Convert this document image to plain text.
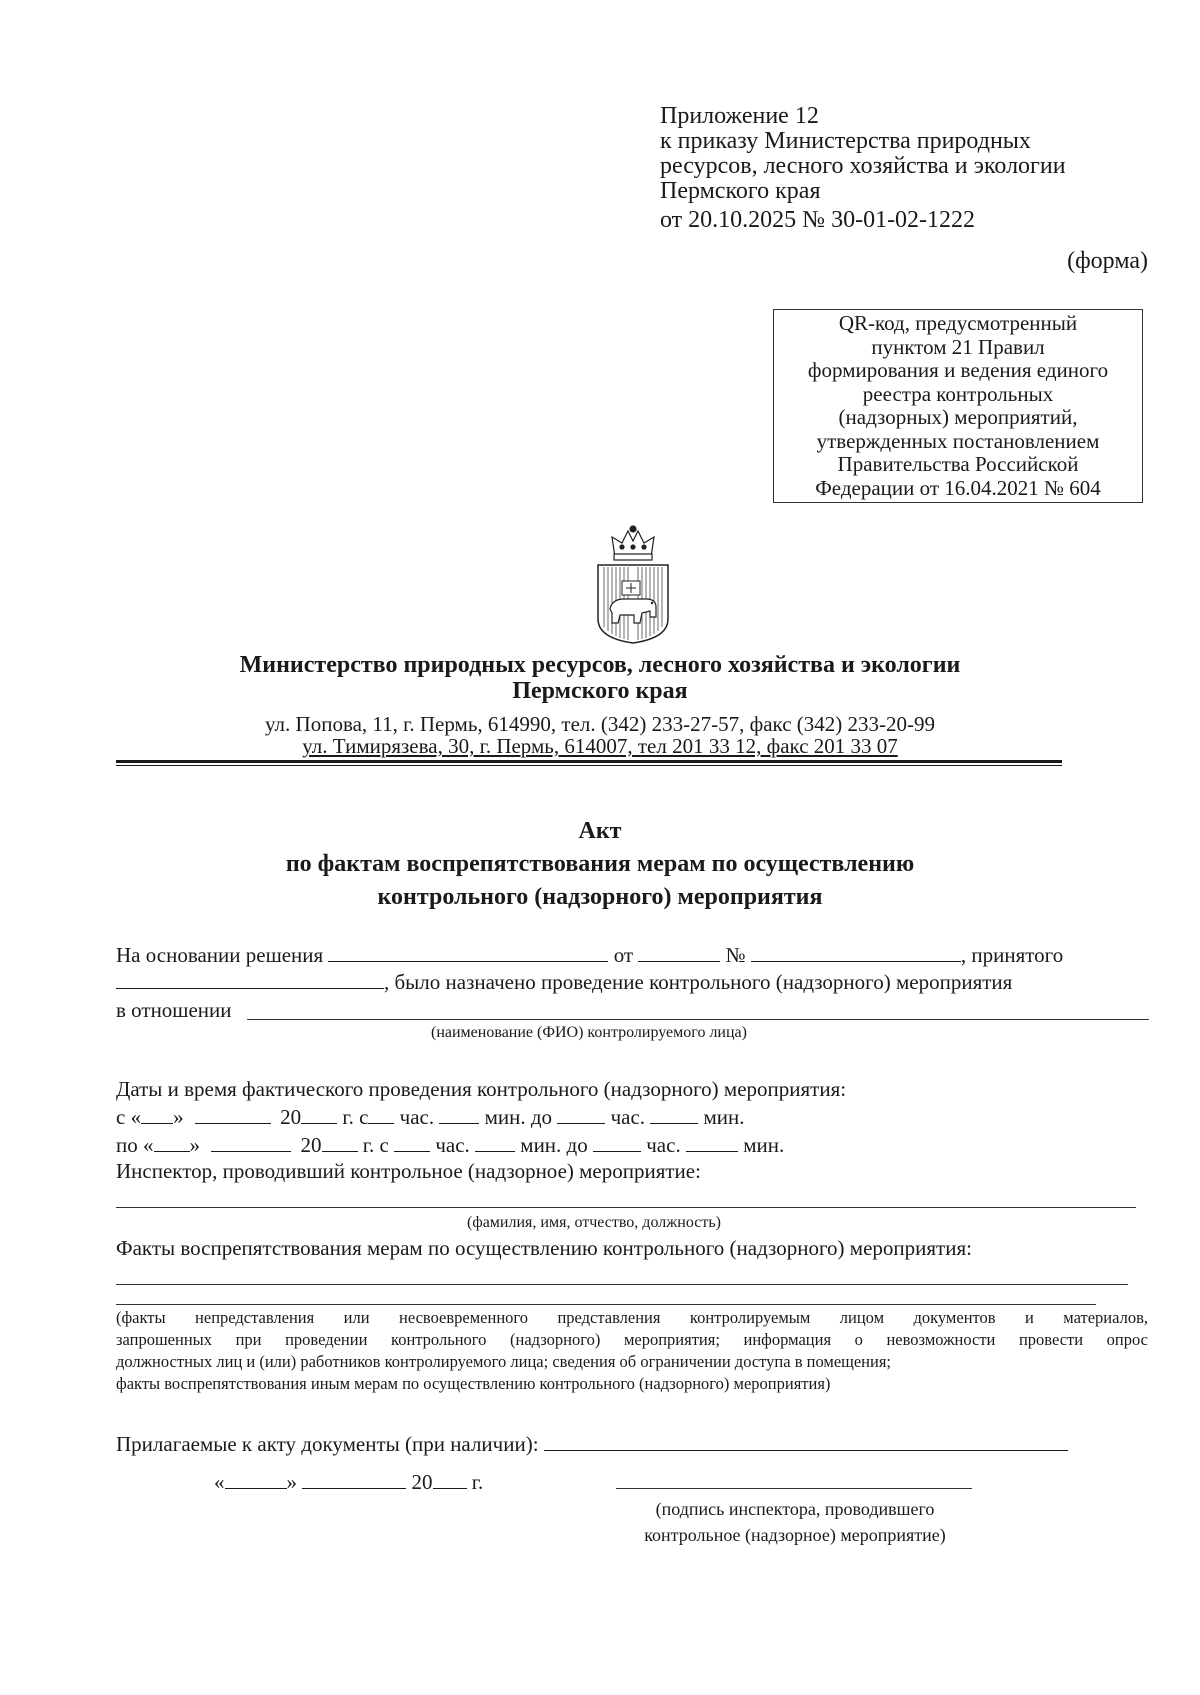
Приложение 12
к приказу Министерства природных
ресурсов, лесного хозяйства и экологии
Пермского края
от 20.10.2025 № 30-01-02-1222
(форма)
QR-код, предусмотренный
пунктом 21 Правил
формирования и ведения единого
реестра контрольных
(надзорных) мероприятий,
утвержденных постановлением
Правительства Российской
Федерации от 16.04.2021 № 604
Министерство природных ресурсов, лесного хозяйства и экологии
Пермского края
ул. Попова, 11, г. Пермь, 614990, тел. (342) 233-27-57, факс (342) 233-20-99
ул. Тимирязева, 30, г. Пермь, 614007, тел 201 33 12, факс 201 33 07
Акт
по фактам воспрепятствования мерам по осуществлению
контрольного (надзорного) мероприятия
На основании решения	от	№	, принятого
, было назначено проведение контрольного (надзорного) мероприятия
в отношении
(наименование (ФИО) контролируемого лица)
Даты и время фактического проведения контрольного (надзорного) мероприятия:
с « »	20 г. с час. мин. до	час.	мин.
по « »	20 г. с час. мин. до	час.	мин.
Инспектор, проводивший контрольное (надзорное) мероприятие:
(фамилия, имя, отчество, должность)
Факты воспрепятствования мерам по осуществлению контрольного (надзорного) мероприятия:
(факты непредставления или несвоевременного представления контролируемым лицом документов и материалов,
запрошенных при проведении контрольного (надзорного) мероприятия; информация о невозможности провести опрос
должностных лиц и (или) работников контролируемого лица; сведения об ограничении доступа в помещения;
факты воспрепятствования иным мерам по осуществлению контрольного (надзорного) мероприятия)
Прилагаемые к акту документы (при наличии):
«	»	20 г.
(подпись инспектора, проводившего
контрольное (надзорное) мероприятие)
